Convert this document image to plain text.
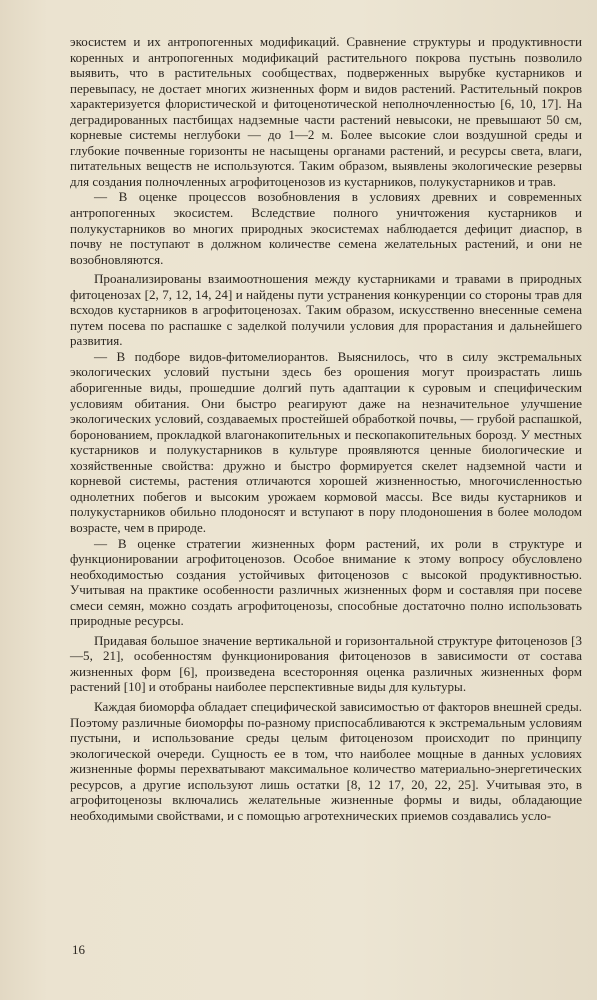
экосистем и их антропогенных модификаций. Сравнение структуры и продуктивности коренных и антропогенных модификаций растительного покрова пустынь позволило выявить, что в растительных сообществах, подверженных вырубке кустарников и перевыпасу, не достает многих жизненных форм и видов растений. Растительный покров характеризуется флористической и фитоценотической неполночленностью [6, 10, 17]. На деградированных пастбищах надземные части растений невысоки, не превышают 50 см, корневые системы неглубоки — до 1—2 м. Более высокие слои воздушной среды и глубокие почвенные горизонты не насыщены органами растений, и ресурсы света, влаги, питательных веществ не используются. Таким образом, выявлены экологические резервы для создания полночленных агрофитоценозов из кустарников, полукустарников и трав.

— В оценке процессов возобновления в условиях древних и современных антропогенных экосистем. Вследствие полного уничтожения кустарников и полукустарников во многих природных экосистемах наблюдается дефицит диаспор, в почву не поступают в должном количестве семена желательных растений, и они не возобновляются.

Проанализированы взаимоотношения между кустарниками и травами в природных фитоценозах [2, 7, 12, 14, 24] и найдены пути устранения конкуренции со стороны трав для всходов кустарников в агрофитоценозах. Таким образом, искусственно внесенные семена путем посева по распашке с заделкой получили условия для прорастания и дальнейшего развития.

— В подборе видов-фитомелиорантов. Выяснилось, что в силу экстремальных экологических условий пустыни здесь без орошения могут произрастать лишь аборигенные виды, прошедшие долгий путь адаптации к суровым и специфическим условиям обитания. Они быстро реагируют даже на незначительное улучшение экологических условий, создаваемых простейшей обработкой почвы, — грубой распашкой, боронованием, прокладкой влагонакопительных и пескопакопительных борозд. У местных кустарников и полукустарников в культуре проявляются ценные биологические и хозяйственные свойства: дружно и быстро формируется скелет надземной части и корневой системы, растения отличаются хорошей жизненностью, многочисленностью однолетних побегов и высоким урожаем кормовой массы. Все виды кустарников и полукустарников обильно плодоносят и вступают в пору плодоношения в более молодом возрасте, чем в природе.

— В оценке стратегии жизненных форм растений, их роли в структуре и функционировании агрофитоценозов. Особое внимание к этому вопросу обусловлено необходимостью создания устойчивых фитоценозов с высокой продуктивностью. Учитывая на практике особенности различных жизненных форм и составляя при посеве смеси семян, можно создать агрофитоценозы, способные достаточно полно использовать природные ресурсы.

Придавая большое значение вертикальной и горизонтальной структуре фитоценозов [3—5, 21], особенностям функционирования фитоценозов в зависимости от состава жизненных форм [6], произведена всесторонняя оценка различных жизненных форм растений [10] и отобраны наиболее перспективные виды для культуры.

Каждая биоморфа обладает специфической зависимостью от факторов внешней среды. Поэтому различные биоморфы по-разному приспосабливаются к экстремальным условиям пустыни, и использование среды целым фитоценозом происходит по принципу экологической очереди. Сущность ее в том, что наиболее мощные в данных условиях жизненные формы перехватывают максимальное количество материально-энергетических ресурсов, а другие используют лишь остатки [8, 12 17, 20, 22, 25]. Учитывая это, в агрофитоценозы включались желательные жизненные формы и виды, обладающие необходимыми свойствами, и с помощью агротехнических приемов создавались усло-

16
